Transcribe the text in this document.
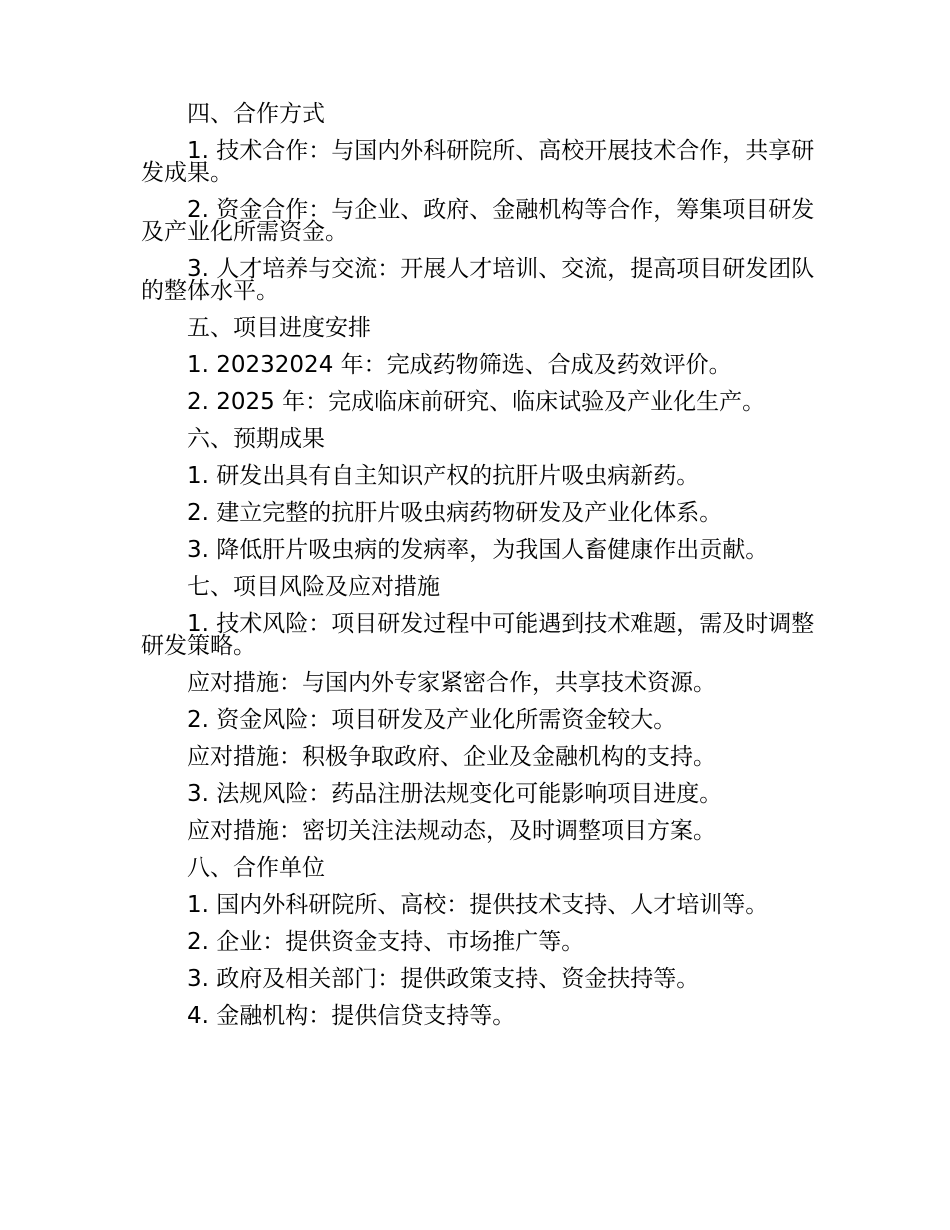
四、合作方式

1. 技术合作：与国内外科研院所、高校开展技术合作，共享研发成果。

2. 资金合作：与企业、政府、金融机构等合作，筹集项目研发及产业化所需资金。

3. 人才培养与交流：开展人才培训、交流，提高项目研发团队的整体水平。

五、项目进度安排

1. 20232024 年：完成药物筛选、合成及药效评价。

2. 2025 年：完成临床前研究、临床试验及产业化生产。

六、预期成果

1. 研发出具有自主知识产权的抗肝片吸虫病新药。

2. 建立完整的抗肝片吸虫病药物研发及产业化体系。

3. 降低肝片吸虫病的发病率，为我国人畜健康作出贡献。

七、项目风险及应对措施

1. 技术风险：项目研发过程中可能遇到技术难题，需及时调整研发策略。

应对措施：与国内外专家紧密合作，共享技术资源。

2. 资金风险：项目研发及产业化所需资金较大。

应对措施：积极争取政府、企业及金融机构的支持。

3. 法规风险：药品注册法规变化可能影响项目进度。

应对措施：密切关注法规动态，及时调整项目方案。

八、合作单位

1. 国内外科研院所、高校：提供技术支持、人才培训等。

2. 企业：提供资金支持、市场推广等。

3. 政府及相关部门：提供政策支持、资金扶持等。

4. 金融机构：提供信贷支持等。
